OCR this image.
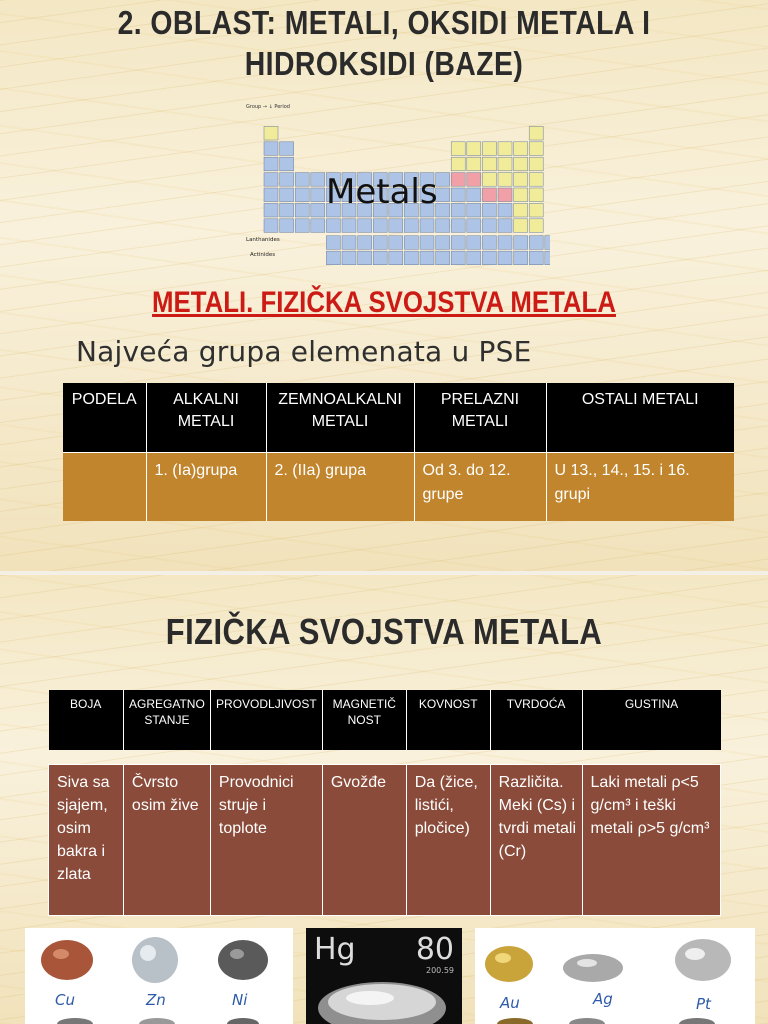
2. OBLAST: METALI, OKSIDI METALA I
HIDROKSIDI (BAZE)
Group → ↓ Period
Lanthanides
Actinides
Metals
METALI. FIZIČKA SVOJSTVA METALA
Najveća grupa elemenata u PSE
PODELA	ALKALNI METALI	ZEMNOALKALNI METALI	PRELAZNI METALI	OSTALI METALI
	1. (Ia)grupa	2. (IIa) grupa	Od 3. do 12. grupe	U 13., 14., 15. i 16. grupi
FIZIČKA SVOJSTVA METALA
BOJA	AGREGATNO STANJE	PROVODLJIVOST	MAGNETIČ NOST	KOVNOST	TVRDOĆA	GUSTINA

Siva sa sjajem, osim bakra i zlata	Čvrsto osim žive	Provodnici struje i toplote	Gvožđe	Da (žice, listići, pločice)	Različita. Meki (Cs) i tvrdi metali (Cr)	Laki metali ρ<5 g/cm³ i teški metali ρ>5 g/cm³
Cu	Zn	Ni
Hg 80
200.59
Au	Ag	Pt
